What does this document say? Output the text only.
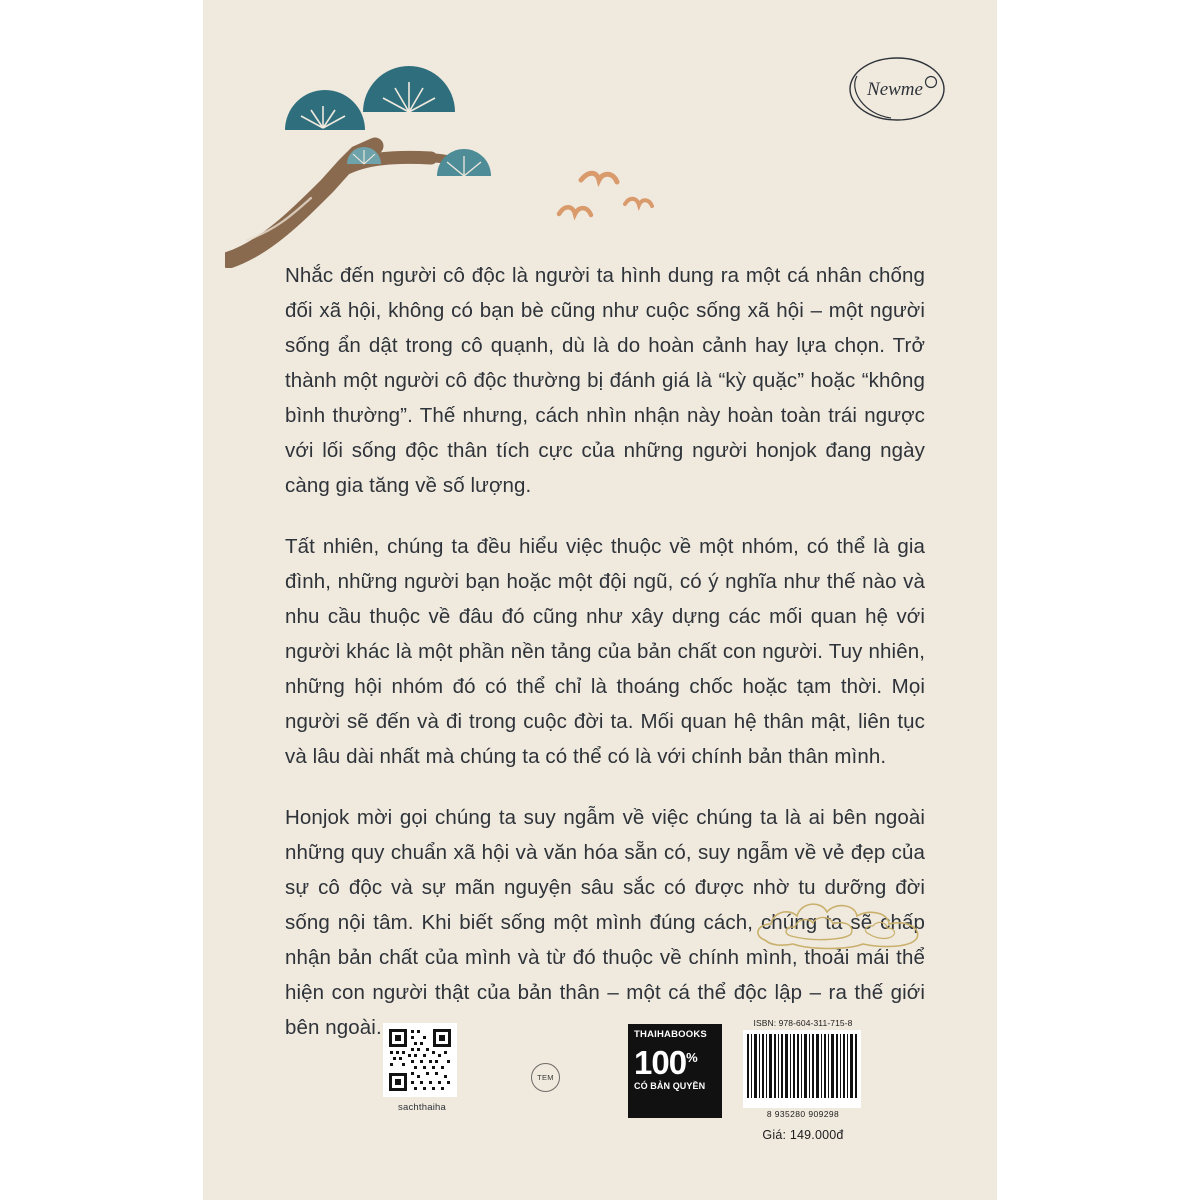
Newme

Nhắc đến người cô độc là người ta hình dung ra một cá nhân chống đối xã hội, không có bạn bè cũng như cuộc sống xã hội – một người sống ẩn dật trong cô quạnh, dù là do hoàn cảnh hay lựa chọn. Trở thành một người cô độc thường bị đánh giá là “kỳ quặc” hoặc “không bình thường”. Thế nhưng, cách nhìn nhận này hoàn toàn trái ngược với lối sống độc thân tích cực của những người honjok đang ngày càng gia tăng về số lượng.

Tất nhiên, chúng ta đều hiểu việc thuộc về một nhóm, có thể là gia đình, những người bạn hoặc một đội ngũ, có ý nghĩa như thế nào và nhu cầu thuộc về đâu đó cũng như xây dựng các mối quan hệ với người khác là một phần nền tảng của bản chất con người. Tuy nhiên, những hội nhóm đó có thể chỉ là thoáng chốc hoặc tạm thời. Mọi người sẽ đến và đi trong cuộc đời ta. Mối quan hệ thân mật, liên tục và lâu dài nhất mà chúng ta có thể có là với chính bản thân mình.

Honjok mời gọi chúng ta suy ngẫm về việc chúng ta là ai bên ngoài những quy chuẩn xã hội và văn hóa sẵn có, suy ngẫm về vẻ đẹp của sự cô độc và sự mãn nguyện sâu sắc có được nhờ tu dưỡng đời sống nội tâm. Khi biết sống một mình đúng cách, chúng ta sẽ chấp nhận bản chất của mình và từ đó thuộc về chính mình, thoải mái thể hiện con người thật của bản thân – một cá thể độc lập – ra thế giới bên ngoài.

sachthaiha
TEM
THAIHABOOKS
100%
CÓ BẢN QUYỀN
ISBN: 978-604-311-715-8
8 935280 909298
Giá: 149.000đ
